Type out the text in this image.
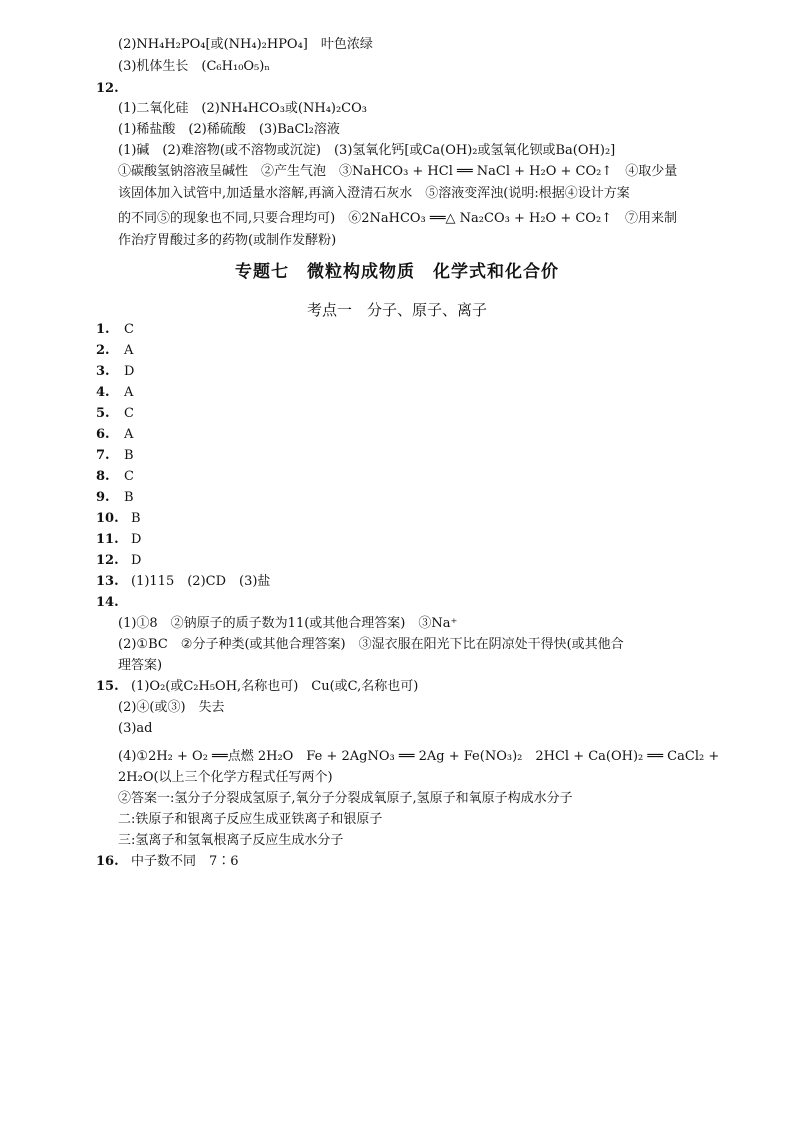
(2)NH₄H₂PO₄[或(NH₄)₂HPO₄]　叶色浓绿
(3)机体生长　(C₆H₁₀O₅)ₙ
12.
(1)二氧化硅　(2)NH₄HCO₃或(NH₄)₂CO₃
(1)稀盐酸　(2)稀硫酸　(3)BaCl₂溶液
(1)碱　(2)难溶物(或不溶物或沉淀)　(3)氢氧化钙[或Ca(OH)₂或氢氧化钡或Ba(OH)₂]
①碳酸氢钠溶液呈碱性　②产生气泡　③NaHCO₃ + HCl ══ NaCl + H₂O + CO₂↑　④取少量
该固体加入试管中,加适量水溶解,再滴入澄清石灰水　⑤溶液变浑浊(说明:根据④设计方案
的不同⑤的现象也不同,只要合理均可)　⑥2NaHCO₃ ══△ Na₂CO₃ + H₂O + CO₂↑　⑦用来制
作治疗胃酸过多的药物(或制作发酵粉)
专题七　微粒构成物质　化学式和化合价
考点一　分子、原子、离子
1. C
2. A
3. D
4. A
5. C
6. A
7. B
8. C
9. B
10. B
11. D
12. D
13. (1)115　(2)CD　(3)盐
14.
(1)①8　②钠原子的质子数为11(或其他合理答案)　③Na⁺
(2)①BC　②分子种类(或其他合理答案)　③湿衣服在阳光下比在阴凉处干得快(或其他合
理答案)
15. (1)O₂(或C₂H₅OH,名称也可)　Cu(或C,名称也可)
(2)④(或③)　失去
(3)ad
(4)①2H₂ + O₂ ══点燃 2H₂O　Fe + 2AgNO₃ ══ 2Ag + Fe(NO₃)₂　2HCl + Ca(OH)₂ ══ CaCl₂ +
2H₂O(以上三个化学方程式任写两个)
②答案一:氢分子分裂成氢原子,氧分子分裂成氧原子,氢原子和氧原子构成水分子
二:铁原子和银离子反应生成亚铁离子和银原子
三:氢离子和氢氧根离子反应生成水分子
16. 中子数不同　7∶6
